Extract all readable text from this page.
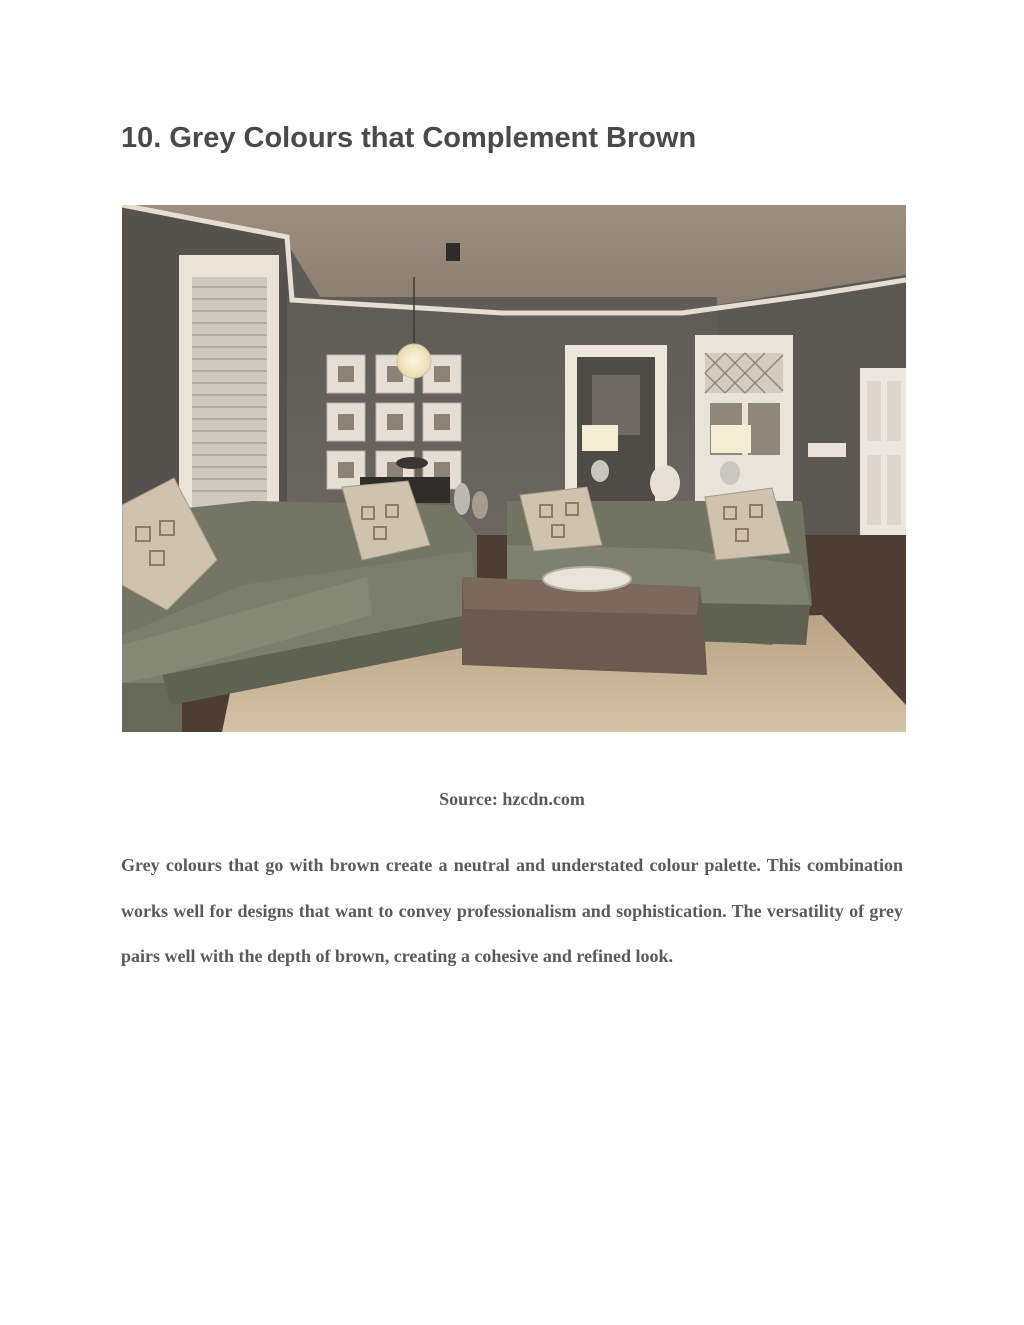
10. Grey Colours that Complement Brown

Source: hzcdn.com

Grey colours that go with brown create a neutral and understated colour palette. This combination works well for designs that want to convey professionalism and sophistication. The versatility of grey pairs well with the depth of brown, creating a cohesive and refined look.
